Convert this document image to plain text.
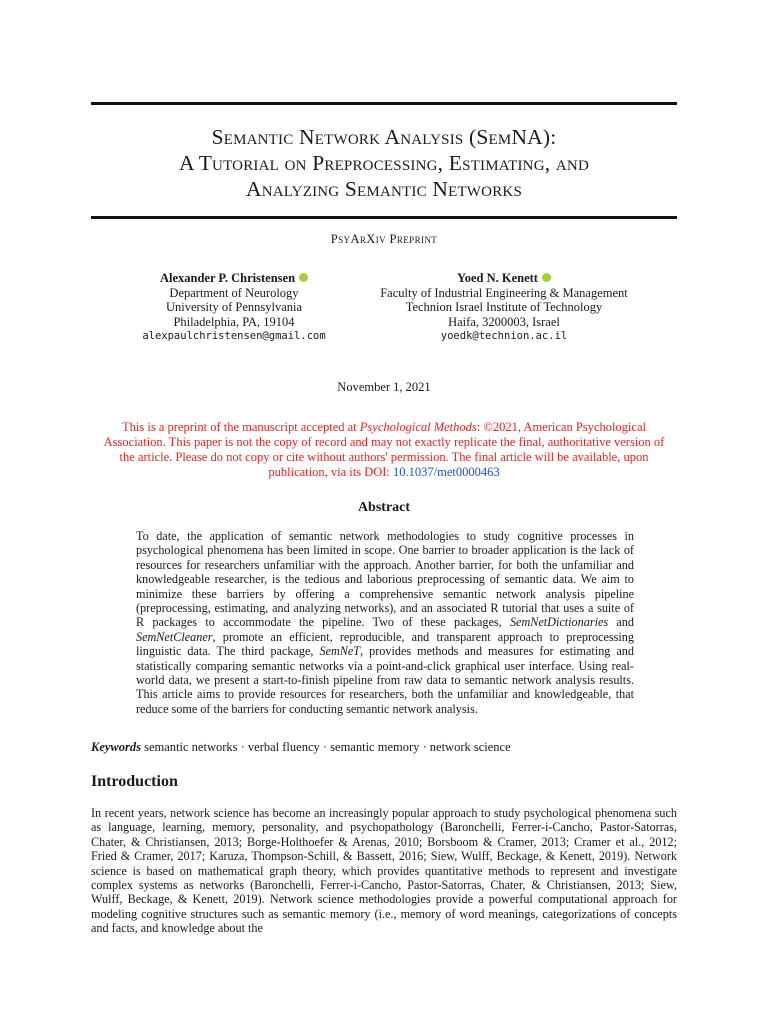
Semantic Network Analysis (SemNA):
A Tutorial on Preprocessing, Estimating, and
Analyzing Semantic Networks
PsyArXiv Preprint
Alexander P. Christensen
Department of Neurology
University of Pennsylvania
Philadelphia, PA, 19104
alexpaulchristensen@gmail.com
Yoed N. Kenett
Faculty of Industrial Engineering & Management
Technion Israel Institute of Technology
Haifa, 3200003, Israel
yoedk@technion.ac.il
November 1, 2021
This is a preprint of the manuscript accepted at Psychological Methods: ©2021, American Psychological Association. This paper is not the copy of record and may not exactly replicate the final, authoritative version of the article. Please do not copy or cite without authors' permission. The final article will be available, upon publication, via its DOI: 10.1037/met0000463
Abstract
To date, the application of semantic network methodologies to study cognitive processes in psychological phenomena has been limited in scope. One barrier to broader application is the lack of resources for researchers unfamiliar with the approach. Another barrier, for both the unfamiliar and knowledgeable researcher, is the tedious and laborious preprocessing of semantic data. We aim to minimize these barriers by offering a comprehensive semantic network analysis pipeline (preprocessing, estimating, and analyzing networks), and an associated R tutorial that uses a suite of R packages to accommodate the pipeline. Two of these packages, SemNetDictionaries and SemNetCleaner, promote an efficient, reproducible, and transparent approach to preprocessing linguistic data. The third package, SemNeT, provides methods and measures for estimating and statistically comparing semantic networks via a point-and-click graphical user interface. Using real-world data, we present a start-to-finish pipeline from raw data to semantic network analysis results. This article aims to provide resources for researchers, both the unfamiliar and knowledgeable, that reduce some of the barriers for conducting semantic network analysis.
Keywords semantic networks · verbal fluency · semantic memory · network science
Introduction
In recent years, network science has become an increasingly popular approach to study psychological phenomena such as language, learning, memory, personality, and psychopathology (Baronchelli, Ferrer-i-Cancho, Pastor-Satorras, Chater, & Christiansen, 2013; Borge-Holthoefer & Arenas, 2010; Borsboom & Cramer, 2013; Cramer et al., 2012; Fried & Cramer, 2017; Karuza, Thompson-Schill, & Bassett, 2016; Siew, Wulff, Beckage, & Kenett, 2019). Network science is based on mathematical graph theory, which provides quantitative methods to represent and investigate complex systems as networks (Baronchelli, Ferrer-i-Cancho, Pastor-Satorras, Chater, & Christiansen, 2013; Siew, Wulff, Beckage, & Kenett, 2019). Network science methodologies provide a powerful computational approach for modeling cognitive structures such as semantic memory (i.e., memory of word meanings, categorizations of concepts and facts, and knowledge about the
